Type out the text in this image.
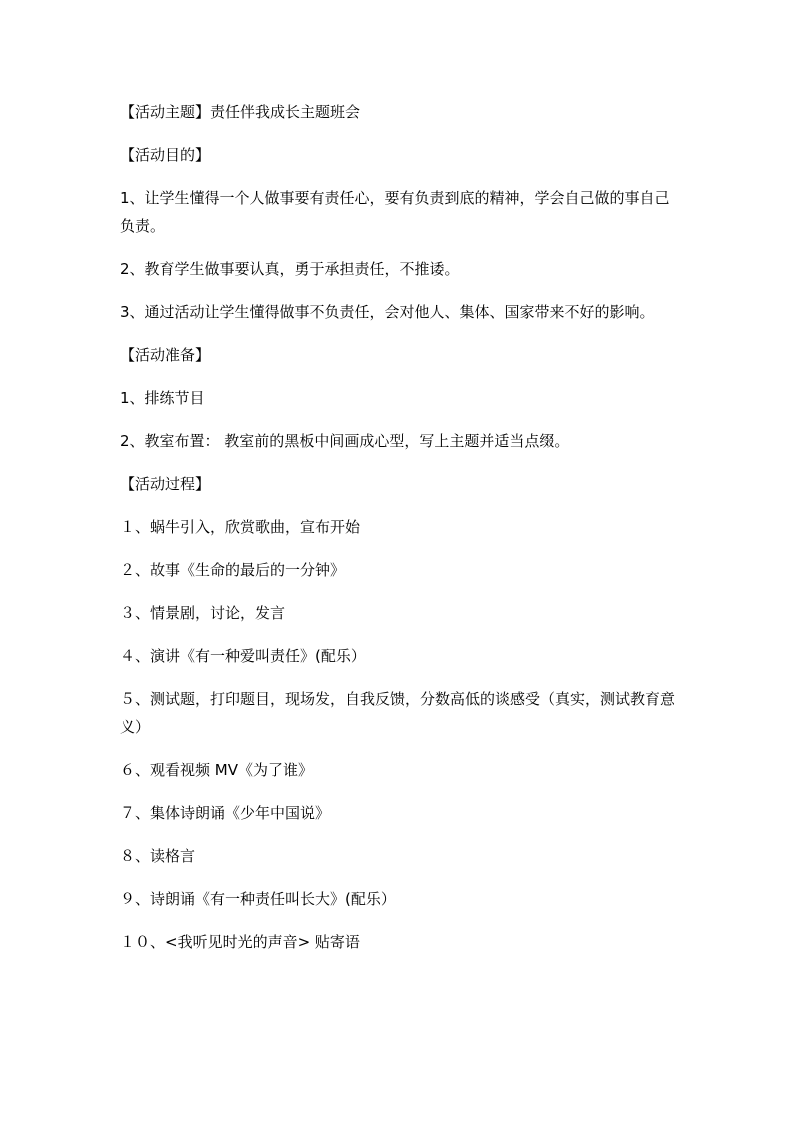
【活动主题】责任伴我成长主题班会

【活动目的】

1、让学生懂得一个人做事要有责任心，要有负责到底的精神，学会自己做的事自己负责。

2、教育学生做事要认真，勇于承担责任，不推诿。

3、通过活动让学生懂得做事不负责任，会对他人、集体、国家带来不好的影响。

【活动准备】

1、排练节目

2、教室布置： 教室前的黑板中间画成心型，写上主题并适当点缀。

【活动过程】

１、蜗牛引入，欣赏歌曲，宣布开始

２、故事《生命的最后的一分钟》

３、情景剧，讨论，发言

４、演讲《有一种爱叫责任》(配乐）

５、测试题，打印题目，现场发，自我反馈，分数高低的谈感受（真实，测试教育意义）

６、观看视频 MV《为了谁》

７、集体诗朗诵《少年中国说》

８、读格言

９、诗朗诵《有一种责任叫长大》(配乐）

１０、<我听见时光的声音> 贴寄语
